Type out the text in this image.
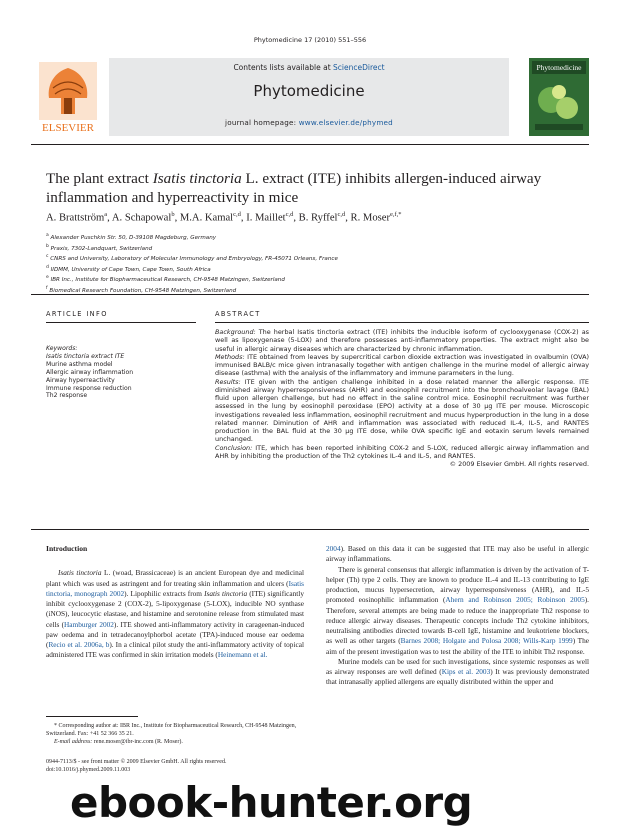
Phytomedicine 17 (2010) 551–556
ELSEVIER
Contents lists available at ScienceDirect
Phytomedicine
journal homepage: www.elsevier.de/phymed
Phytomedicine
The plant extract Isatis tinctoria L. extract (ITE) inhibits allergen-induced airway inflammation and hyperreactivity in mice
A. Brattström$^a$, A. Schapowal$^b$, M.A. Kamal$^{c,d}$, I. Maillet$^{c,d}$, B. Ryffel$^{c,d}$, R. Moser$^{e,f,*}$
$^a$ Alexander Puschkin Str. 50, D-39108 Magdeburg, Germany
$^b$ Praxis, 7302-Landquart, Switzerland
$^c$ CNRS and University, Laboratory of Molecular Immunology and Embryology, FR-45071 Orleans, France
$^d$ IIDMM, University of Cape Town, Cape Town, South Africa
$^e$ IBR Inc., Institute for Biopharmaceutical Research, CH-9548 Matzingen, Switzerland
$^f$ Biomedical Research Foundation, CH-9548 Matzingen, Switzerland
ARTICLE INFO	ABSTRACT
Keywords:
Isatis tinctoria extract ITE
Murine asthma model
Allergic airway inflammation
Airway hyperreactivity
Immune response reduction
Th2 response

Background: The herbal Isatis tinctoria extract (ITE) inhibits the inducible isoform of cyclooxygenase (COX-2) as well as lipoxygenase (5-LOX) and therefore possesses anti-inflammatory properties. The extract might also be useful in allergic airway diseases which are characterized by chronic inflammation.

Methods: ITE obtained from leaves by supercritical carbon dioxide extraction was investigated in ovalbumin (OVA) immunised BALB/c mice given intranasally together with antigen challenge in the murine model of allergic airway disease (asthma) with the analysis of the inflammatory and immune parameters in the lung.

Results: ITE given with the antigen challenge inhibited in a dose related manner the allergic response. ITE diminished airway hyperresponsiveness (AHR) and eosinophil recruitment into the bronchoalveolar lavage (BAL) fluid upon allergen challenge, but had no effect in the saline control mice. Eosinophil recruitment was further assessed in the lung by eosinophil peroxidase (EPO) activity at a dose of 30 μg ITE per mouse. Microscopic investigations revealed less inflammation, eosinophil recruitment and mucus hyperproduction in the lung in a dose related manner. Diminution of AHR and inflammation was associated with reduced IL-4, IL-5, and RANTES production in the BAL fluid at the 30 μg ITE dose, while OVA specific IgE and eotaxin serum levels remained unchanged.

Conclusion: ITE, which has been reported inhibiting COX-2 and 5-LOX, reduced allergic airway inflammation and AHR by inhibiting the production of the Th2 cytokines IL-4 and IL-5, and RANTES.

© 2009 Elsevier GmbH. All rights reserved.

Introduction

Isatis tinctoria L. (woad, Brassicaceae) is an ancient European dye and medicinal plant which was used as astringent and for treating skin inflammation and ulcers (Isatis tinctoria, monograph 2002). Lipophilic extracts from Isatis tinctoria (ITE) significantly inhibit cyclooxygenase 2 (COX-2), 5-lipoxygenase (5-LOX), inducible NO synthase (iNOS), leucocytic elastase, and histamine and serotonine release from stimulated mast cells (Hamburger 2002). ITE showed anti-inflammatory activity in carageenan-induced paw oedema and in tetradecanoylphorbol acetate (TPA)-induced mouse ear oedema (Recio et al. 2006a, b). In a clinical pilot study the anti-inflammatory activity of topical administered ITE was confirmed in skin irritation models (Heinemann et al.

2004). Based on this data it can be suggested that ITE may also be useful in allergic airway inflammations.

There is general consensus that allergic inflammation is driven by the activation of T-helper (Th) type 2 cells. They are known to produce IL-4 and IL-13 contributing to IgE production, mucus hypersecretion, airway hyperresponsiveness (AHR), and IL-5 promoted eosinophilic inflammation (Ahern and Robinson 2005; Robinson 2005). Therefore, several attempts are being made to reduce the inappropriate Th2 response to reduce allergic airway diseases. Therapeutic concepts include Th2 cytokine inhibitors, neutralising antibodies directed towards B-cell IgE, histamine and leukotriene blockers, as well as other targets (Barnes 2008; Holgate and Polosa 2008; Wills-Karp 1999) The aim of the present investigation was to test the ability of the ITE to inhibit Th2 response.

Murine models can be used for such investigations, since systemic responses as well as airway responses are well defined (Kips et al. 2003) It was previously demonstrated that intranasally applied allergens are equally distributed within the upper and

* Corresponding author at: IBR Inc., Institute for Biopharmaceutical Research, CH-9548 Matzingen, Switzerland. Fax: +41 52 366 35 21.

E-mail address: rene.moser@ibr-inc.com (R. Moser).

0944-7113/$ - see front matter © 2009 Elsevier GmbH. All rights reserved.
doi:10.1016/j.phymed.2009.11.003
ebook-hunter.org
